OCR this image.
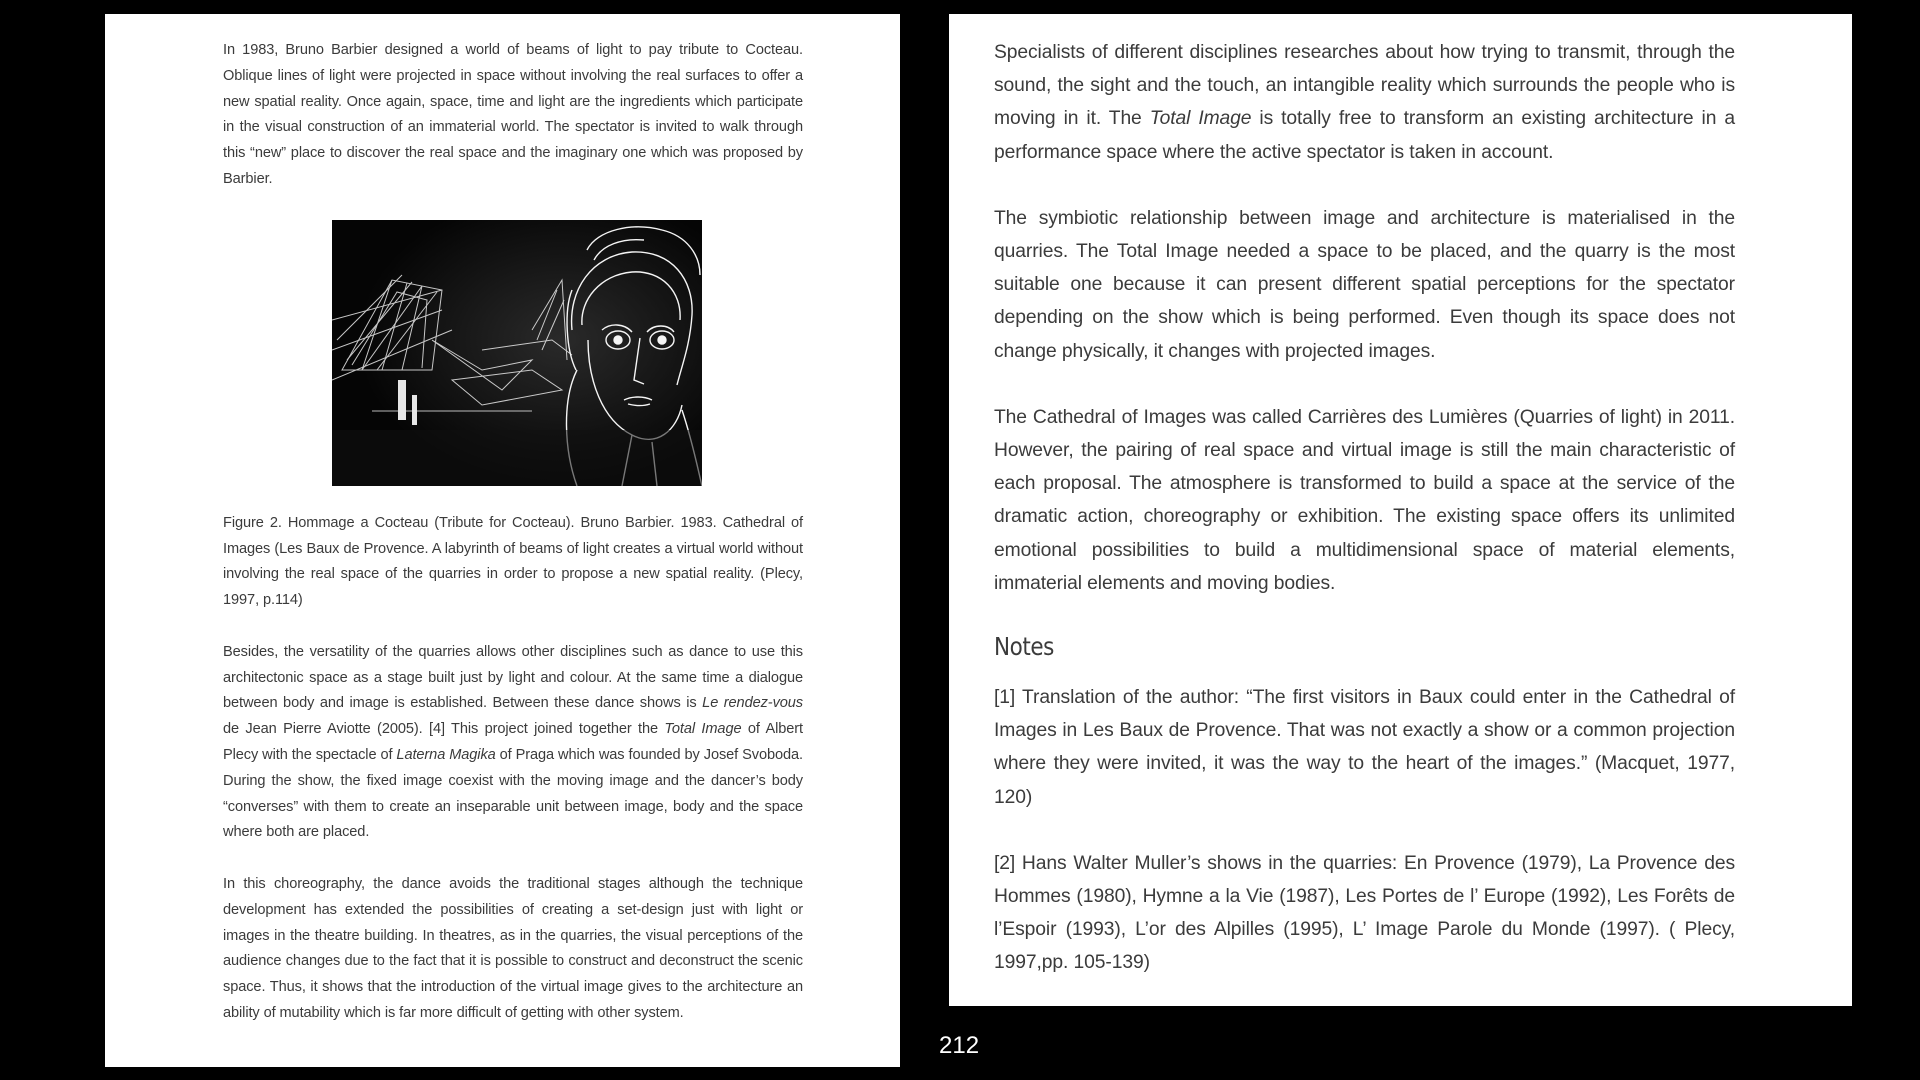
In 1983, Bruno Barbier designed a world of beams of light to pay tribute to Cocteau. Oblique lines of light were projected in space without involving the real surfaces to offer a new spatial reality. Once again, space, time and light are the ingredients which participate in the visual construction of an immaterial world. The spectator is invited to walk through this “new” place to discover the real space and the imaginary one which was proposed by Barbier.

Figure 2. Hommage a Cocteau (Tribute for Cocteau). Bruno Barbier. 1983. Cathedral of Images (Les Baux de Provence. A labyrinth of beams of light creates a virtual world without involving the real space of the quarries in order to propose a new spatial reality. (Plecy, 1997, p.114)

Besides, the versatility of the quarries allows other disciplines such as dance to use this architectonic space as a stage built just by light and colour. At the same time a dialogue between body and image is established. Between these dance shows is Le rendez-vous de Jean Pierre Aviotte (2005). [4] This project joined together the Total Image of Albert Plecy with the spectacle of Laterna Magika of Praga which was founded by Josef Svoboda. During the show, the fixed image coexist with the moving image and the dancer’s body “converses” with them to create an inseparable unit between image, body and the space where both are placed.

In this choreography, the dance avoids the traditional stages although the technique development has extended the possibilities of creating a set-design just with light or images in the theatre building. In theatres, as in the quarries, the visual perceptions of the audience changes due to the fact that it is possible to construct and deconstruct the scenic space. Thus, it shows that the introduction of the virtual image gives to the architecture an ability of mutability which is far more difficult of getting with other system.

Specialists of different disciplines researches about how trying to transmit, through the sound, the sight and the touch, an intangible reality which surrounds the people who is moving in it. The Total Image is totally free to transform an existing architecture in a performance space where the active spectator is taken in account.

The symbiotic relationship between image and architecture is materialised in the quarries. The Total Image needed a space to be placed, and the quarry is the most suitable one because it can present different spatial perceptions for the spectator depending on the show which is being performed. Even though its space does not change physically, it changes with projected images.

The Cathedral of Images was called Carrières des Lumières (Quarries of light) in 2011. However, the pairing of real space and virtual image is still the main characteristic of each proposal. The atmosphere is transformed to build a space at the service of the dramatic action, choreography or exhibition. The existing space offers its unlimited emotional possibilities to build a multidimensional space of material elements, immaterial elements and moving bodies.

Notes

[1] Translation of the author: “The first visitors in Baux could enter in the Cathedral of Images in Les Baux de Provence. That was not exactly a show or a common projection where they were invited, it was the way to the heart of the images.” (Macquet, 1977, 120)

[2] Hans Walter Muller’s shows in the quarries: En Provence (1979), La Provence des Hommes (1980), Hymne a la Vie (1987), Les Portes de l’ Europe (1992), Les Forêts de l’Espoir (1993), L’or des Alpilles (1995), L’ Image Parole du Monde (1997). ( Plecy, 1997,pp. 105-139)

212
